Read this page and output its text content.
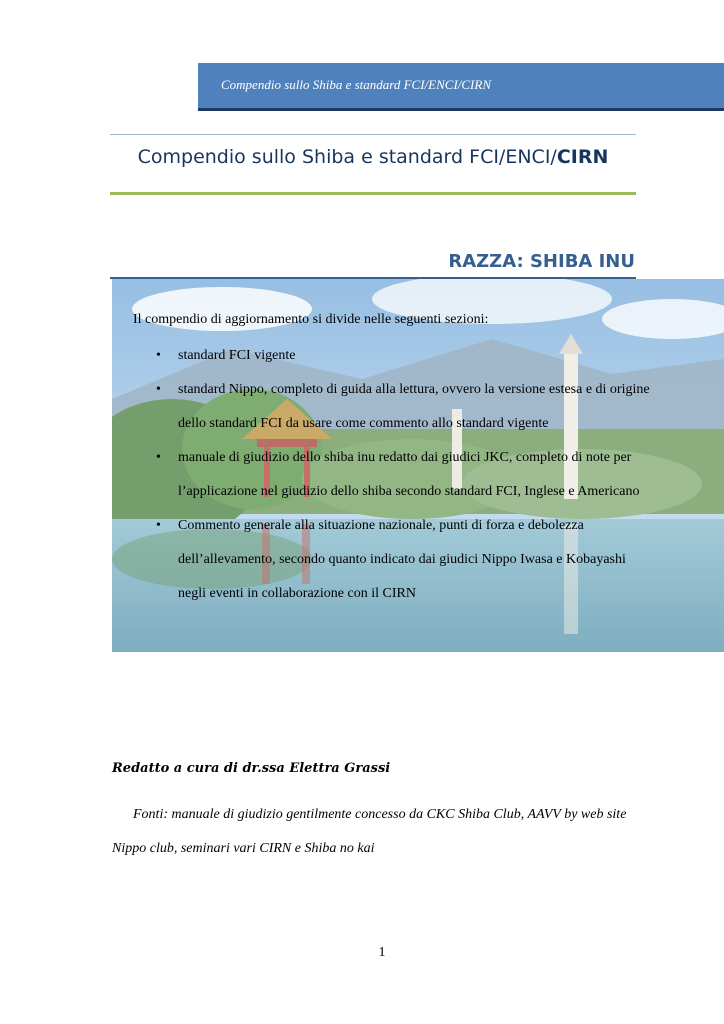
Compendio sullo Shiba e standard FCI/ENCI/CIRN
Compendio sullo Shiba e standard FCI/ENCI/CIRN
RAZZA: SHIBA INU
Il compendio di aggiornamento si divide nelle seguenti sezioni:
• standard FCI vigente
• standard Nippo, completo di guida alla lettura, ovvero la versione estesa e di origine dello standard FCI da usare come commento allo standard vigente
• manuale di giudizio dello shiba inu redatto dai giudici JKC, completo di note per l’applicazione nel giudizio dello shiba secondo standard FCI, Inglese e Americano
• Commento generale alla situazione nazionale, punti di forza e debolezza dell’allevamento, secondo quanto indicato dai giudici Nippo Iwasa e Kobayashi negli eventi in collaborazione con il CIRN
Redatto a cura di dr.ssa Elettra Grassi
Fonti: manuale di giudizio gentilmente concesso da CKC Shiba Club, AAVV by web site Nippo club, seminari vari CIRN e Shiba no kai
1
